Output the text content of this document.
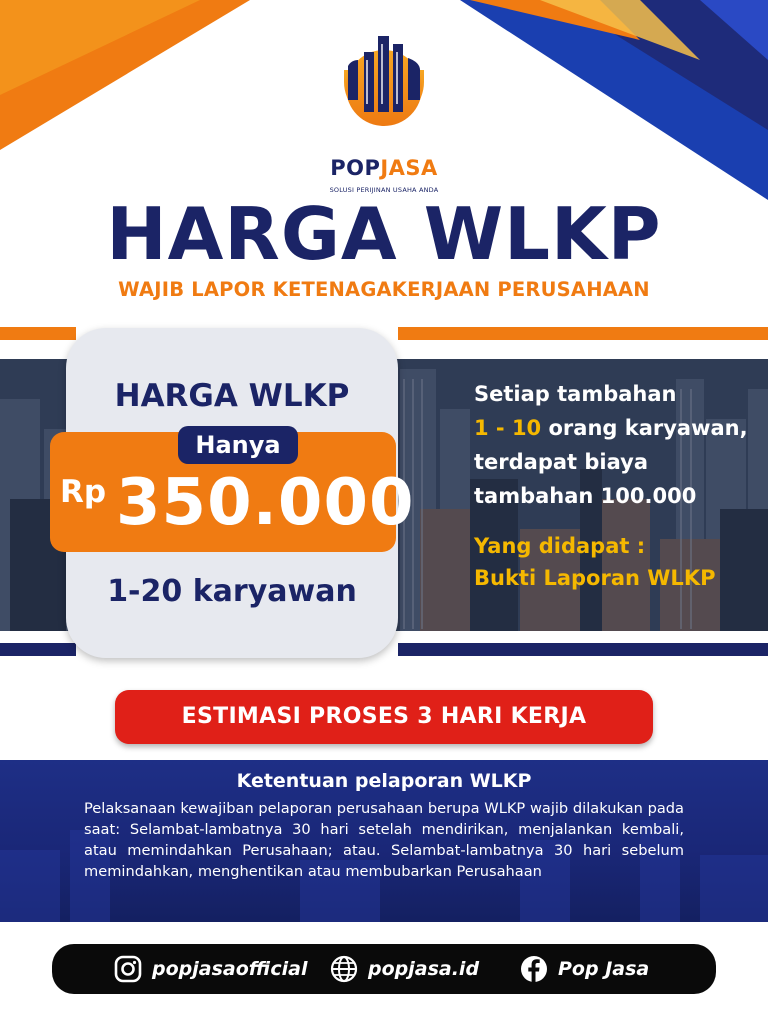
POPJASA
SOLUSI PERIJINAN USAHA ANDA
HARGA WLKP
WAJIB LAPOR KETENAGAKERJAAN PERUSAHAAN
HARGA WLKP
Hanya
Rp 350.000
1-20 karyawan
Setiap tambahan
1 - 10 orang karyawan,
terdapat biaya
tambahan 100.000
Yang didapat :
Bukti Laporan WLKP
ESTIMASI PROSES 3 HARI KERJA
Ketentuan pelaporan WLKP
Pelaksanaan kewajiban pelaporan perusahaan berupa WLKP wajib dilakukan pada saat: Selambat-lambatnya 30 hari setelah mendirikan, menjalankan kembali, atau memindahkan Perusahaan; atau. Selambat-lambatnya 30 hari sebelum memindahkan, menghentikan atau membubarkan Perusahaan
popjasaofficial	popjasa.id	Pop Jasa
